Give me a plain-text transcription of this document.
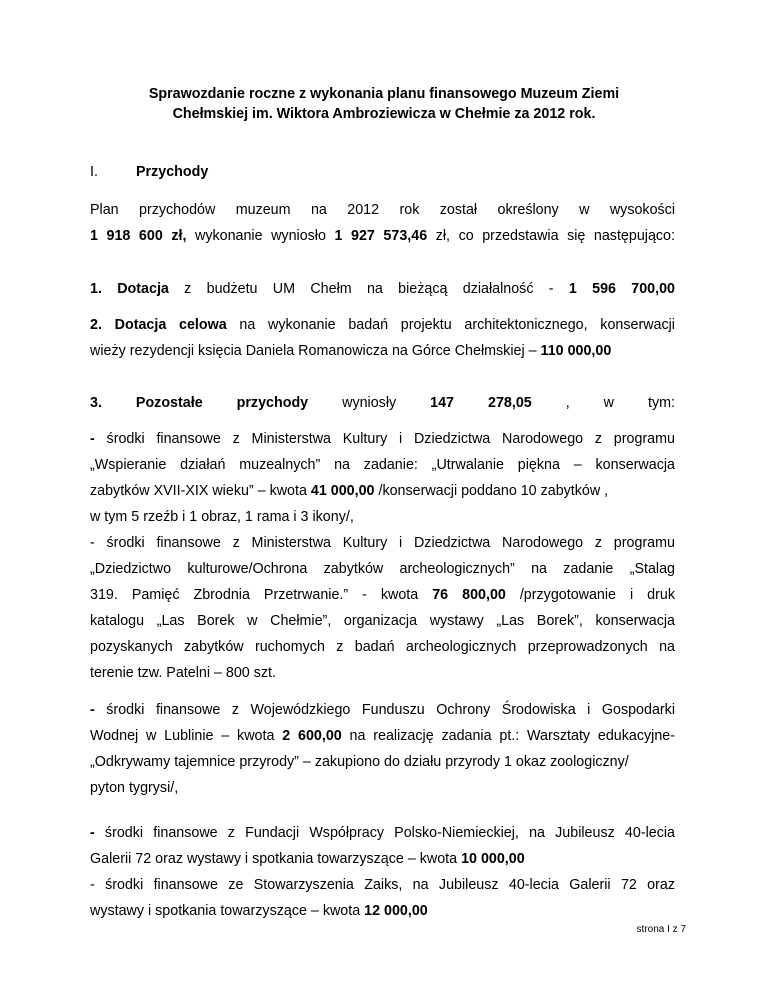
Sprawozdanie roczne z wykonania planu finansowego Muzeum Ziemi
Chełmskiej im. Wiktora Ambroziewicza w Chełmie za 2012 rok.
I.	Przychody
Plan przychodów muzeum na 2012 rok został określony w wysokości
1 918 600 zł, wykonanie wyniosło 1 927 573,46 zł, co przedstawia się następująco:
1. Dotacja z budżetu UM Chełm na bieżącą działalność - 1 596 700,00
2. Dotacja celowa na wykonanie badań projektu architektonicznego, konserwacji
wieży rezydencji księcia Daniela Romanowicza na Górce Chełmskiej – 110 000,00
3. Pozostałe przychody wyniosły 147 278,05 , w tym:
- środki finansowe z Ministerstwa Kultury i Dziedzictwa Narodowego z programu
„Wspieranie działań muzealnych” na zadanie: „Utrwalanie piękna – konserwacja
zabytków XVII-XIX wieku” – kwota 41 000,00 /konserwacji poddano 10 zabytków ,
w tym 5 rzeźb i 1 obraz, 1 rama i 3 ikony/,
- środki finansowe z Ministerstwa Kultury i Dziedzictwa Narodowego z programu
„Dziedzictwo kulturowe/Ochrona zabytków archeologicznych” na zadanie „Stalag
319. Pamięć Zbrodnia Przetrwanie.” - kwota 76 800,00 /przygotowanie i druk
katalogu „Las Borek w Chełmie”, organizacja wystawy „Las Borek”, konserwacja
pozyskanych zabytków ruchomych z badań archeologicznych przeprowadzonych na
terenie tzw. Patelni – 800 szt.
- środki finansowe z Wojewódzkiego Funduszu Ochrony Środowiska i Gospodarki
Wodnej w Lublinie – kwota 2 600,00 na realizację zadania pt.: Warsztaty edukacyjne-
„Odkrywamy tajemnice przyrody” – zakupiono do działu przyrody 1 okaz zoologiczny/
pyton tygrysi/,
- środki finansowe z Fundacji Współpracy Polsko-Niemieckiej, na Jubileusz 40-lecia
Galerii 72 oraz wystawy i spotkania towarzyszące – kwota 10 000,00
- środki finansowe ze Stowarzyszenia Zaiks, na Jubileusz 40-lecia Galerii 72 oraz
wystawy i spotkania towarzyszące – kwota 12 000,00
strona I z 7
